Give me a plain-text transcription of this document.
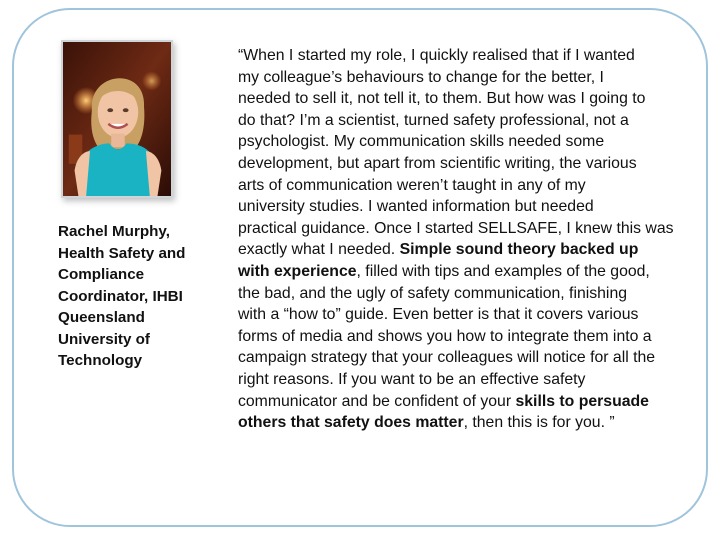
Rachel Murphy,
Health Safety and
Compliance
Coordinator, IHBI
Queensland
University of
Technology
“When I started my role, I quickly realised that if I wanted
my colleague’s behaviours to change for the better, I
needed to sell it, not tell it, to them. But how was I going to
do that? I’m a scientist, turned safety professional, not a
psychologist. My communication skills needed some
development, but apart from scientific writing, the various
arts of communication weren’t taught in any of my
university studies. I wanted information but needed
practical guidance. Once I started SELLSAFE, I knew this was
exactly what I needed. Simple sound theory backed up
with experience, filled with tips and examples of the good,
the bad, and the ugly of safety communication, finishing
with a “how to” guide. Even better is that it covers various
forms of media and shows you how to integrate them into a
campaign strategy that your colleagues will notice for all the
right reasons. If you want to be an effective safety
communicator and be confident of your skills to persuade
others that safety does matter, then this is for you. ”
